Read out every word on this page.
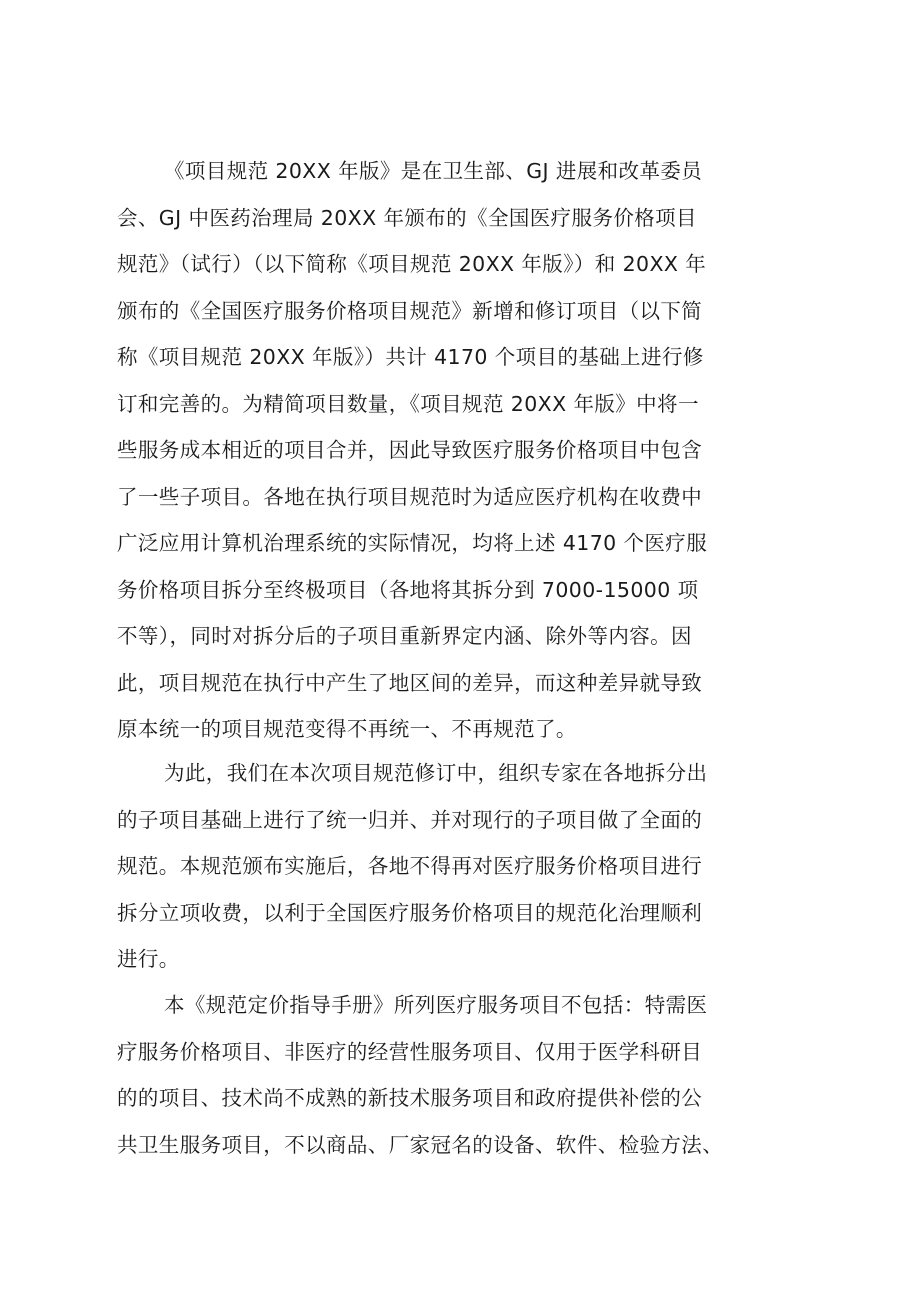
《项目规范 20XX 年版》是在卫生部、GJ 进展和改革委员
会、GJ 中医药治理局 20XX 年颁布的《全国医疗服务价格项目
规范》（试行）（以下简称《项目规范 20XX 年版》）和 20XX 年
颁布的《全国医疗服务价格项目规范》新增和修订项目（以下简
称《项目规范 20XX 年版》）共计 4170 个项目的基础上进行修
订和完善的。为精简项目数量，《项目规范 20XX 年版》中将一
些服务成本相近的项目合并，因此导致医疗服务价格项目中包含
了一些子项目。各地在执行项目规范时为适应医疗机构在收费中
广泛应用计算机治理系统的实际情况，均将上述 4170 个医疗服
务价格项目拆分至终极项目（各地将其拆分到 7000-15000 项
不等），同时对拆分后的子项目重新界定内涵、除外等内容。因
此，项目规范在执行中产生了地区间的差异，而这种差异就导致
原本统一的项目规范变得不再统一、不再规范了。
为此，我们在本次项目规范修订中，组织专家在各地拆分出
的子项目基础上进行了统一归并、并对现行的子项目做了全面的
规范。本规范颁布实施后，各地不得再对医疗服务价格项目进行
拆分立项收费，以利于全国医疗服务价格项目的规范化治理顺利
进行。
本《规范定价指导手册》所列医疗服务项目不包括：特需医
疗服务价格项目、非医疗的经营性服务项目、仅用于医学科研目
的的项目、技术尚不成熟的新技术服务项目和政府提供补偿的公
共卫生服务项目，不以商品、厂家冠名的设备、软件、检验方法、
